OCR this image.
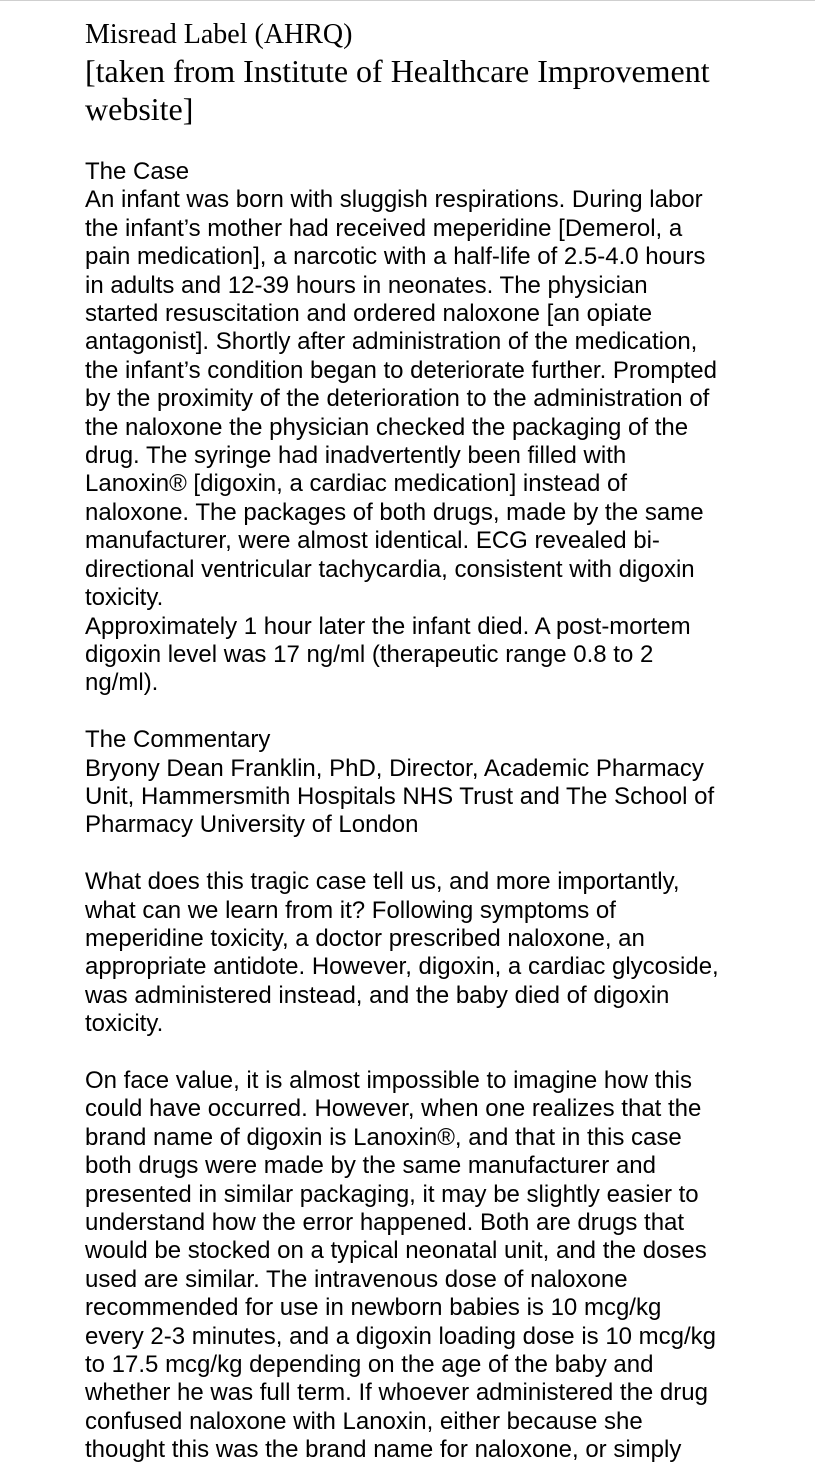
Misread Label (AHRQ)
[taken from Institute of Healthcare Improvement website]

The Case

An infant was born with sluggish respirations. During labor the infant’s mother had received meperidine [Demerol, a pain medication], a narcotic with a half-life of 2.5-4.0 hours in adults and 12-39 hours in neonates. The physician started resuscitation and ordered naloxone [an opiate antagonist]. Shortly after administration of the medication, the infant’s condition began to deteriorate further. Prompted by the proximity of the deterioration to the administration of the naloxone the physician checked the packaging of the drug. The syringe had inadvertently been filled with Lanoxin® [digoxin, a cardiac medication] instead of naloxone. The packages of both drugs, made by the same manufacturer, were almost identical. ECG revealed bi-directional ventricular tachycardia, consistent with digoxin toxicity.

Approximately 1 hour later the infant died. A post-mortem digoxin level was 17 ng/ml (therapeutic range 0.8 to 2 ng/ml).

The Commentary

Bryony Dean Franklin, PhD, Director, Academic Pharmacy Unit, Hammersmith Hospitals NHS Trust and The School of Pharmacy University of London

What does this tragic case tell us, and more importantly, what can we learn from it? Following symptoms of meperidine toxicity, a doctor prescribed naloxone, an appropriate antidote. However, digoxin, a cardiac glycoside, was administered instead, and the baby died of digoxin toxicity.

On face value, it is almost impossible to imagine how this could have occurred. However, when one realizes that the brand name of digoxin is Lanoxin®, and that in this case both drugs were made by the same manufacturer and presented in similar packaging, it may be slightly easier to understand how the error happened. Both are drugs that would be stocked on a typical neonatal unit, and the doses used are similar. The intravenous dose of naloxone recommended for use in newborn babies is 10 mcg/kg every 2-3 minutes, and a digoxin loading dose is 10 mcg/kg to 17.5 mcg/kg depending on the age of the baby and whether he was full term. If whoever administered the drug confused naloxone with Lanoxin, either because she thought this was the brand name for naloxone, or simply
